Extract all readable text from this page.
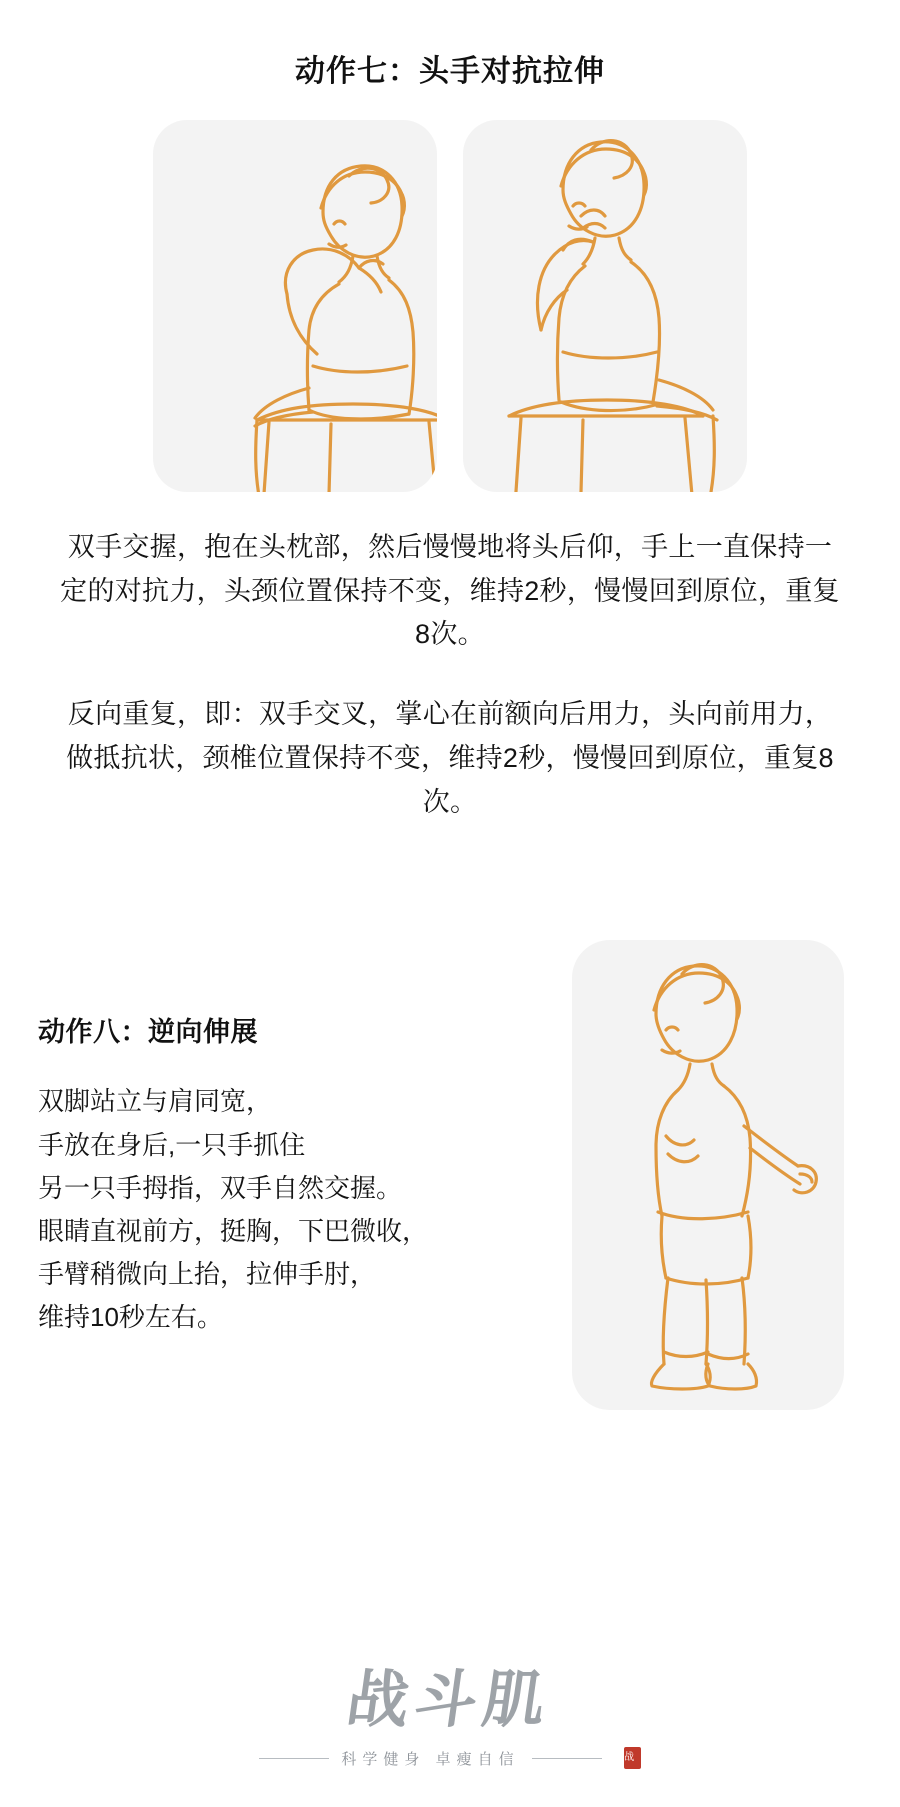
动作七：头手对抗拉伸
双手交握，抱在头枕部，然后慢慢地将头后仰，手上一直保持一定的对抗力，头颈位置保持不变，维持2秒，慢慢回到原位，重复8次。
反向重复，即：双手交叉，掌心在前额向后用力，头向前用力，做抵抗状，颈椎位置保持不变，维持2秒，慢慢回到原位，重复8次。
动作八：逆向伸展
双脚站立与肩同宽，
手放在身后,一只手抓住
另一只手拇指，双手自然交握。
眼睛直视前方，挺胸，下巴微收，
手臂稍微向上抬，拉伸手肘，
维持10秒左右。
战斗肌
科学健身 卓瘦自信	战
